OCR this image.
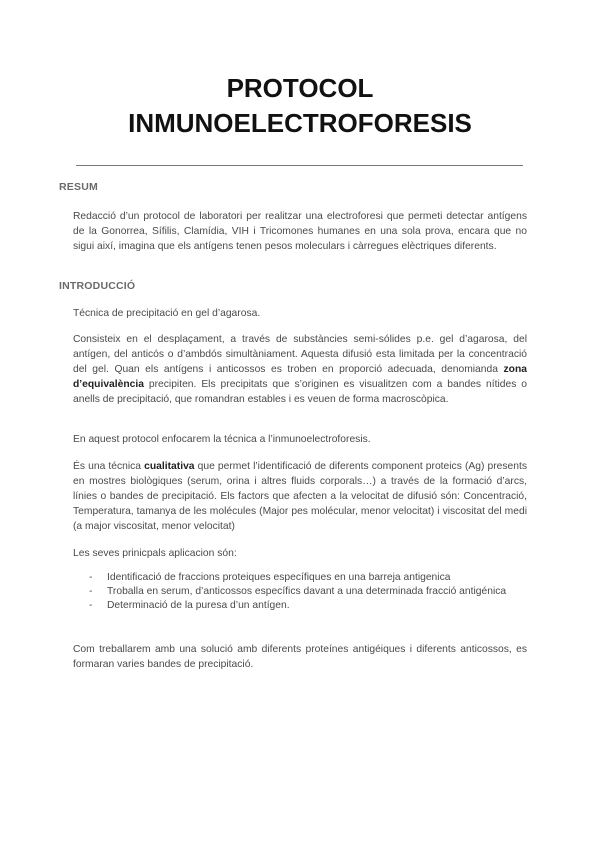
PROTOCOL
INMUNOELECTROFORESIS
RESUM

Redacció d’un protocol de laboratori per realitzar una electroforesi que permeti detectar antígens de la Gonorrea, Sífilis, Clamídia, VIH i Tricomones humanes en una sola prova, encara que no sigui així, imagina que els antígens tenen pesos moleculars i càrregues elèctriques diferents.

INTRODUCCIÓ

Técnica de precipitació en gel d’agarosa.

Consisteix en el desplaçament, a través de substàncies semi-sólides p.e. gel d’agarosa, del antígen, del anticós o d’ambdós simultàniament. Aquesta difusió esta limitada per la concentració del gel. Quan els antígens i anticossos es troben en proporció adecuada, denomianda zona d’equivalència precipiten. Els precipitats que s’originen es visualitzen com a bandes nítides o anells de precipitació, que romandran estables i es veuen de forma macroscòpica.

En aquest protocol enfocarem la técnica a l’inmunoelectroforesis.

És una técnica cualitativa que permet l’identificació de diferents component proteics (Ag) presents en mostres biològiques (serum, orina i altres fluids corporals…) a través de la formació d’arcs, línies o bandes de precipitació. Els factors que afecten a la velocitat de difusió són: Concentració, Temperatura, tamanya de les molécules (Major pes molécular, menor velocitat) i viscositat del medi (a major viscositat, menor velocitat)

Les seves prinicpals aplicacion són:

- Identificació de fraccions proteiques específiques en una barreja antigenica
- Troballa en serum, d’anticossos específics davant a una determinada fracció antigénica
- Determinació de la puresa d’un antígen.

Com treballarem amb una solució amb diferents proteínes antigéiques i diferents anticossos, es formaran varies bandes de precipitació.
